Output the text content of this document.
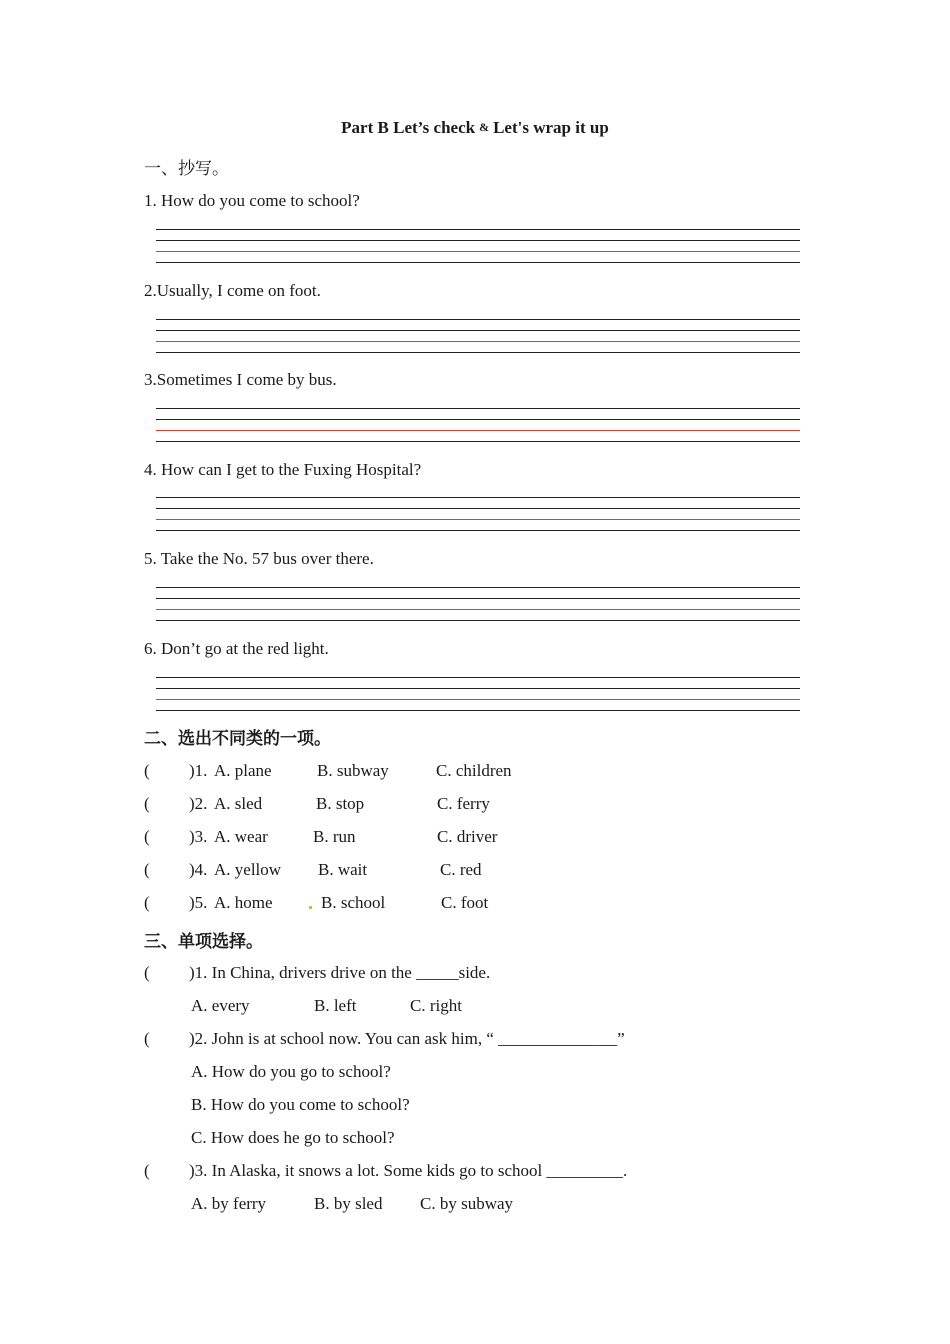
Part B Let’s check & Let's wrap it up
一、抄写。
1. How do you come to school?
2.Usually, I come on foot.
3.Sometimes I come by bus.
4. How can I get to the Fuxing Hospital?
5. Take the No. 57 bus over there.
6. Don’t go at the red light.
二、选出不同类的一项。
( )1. A. plane	B. subway	C. children
( )2. A. sled	B. stop	C. ferry
( )3. A. wear	B. run	C. driver
( )4. A. yellow B. wait	C. red
( )5. A. home	B. school	C. foot
三、单项选择。
( )1. In China, drivers drive on the _____side.
A. every	B. left	C. right
( )2. John is at school now. You can ask him, “ ______________”
A. How do you go to school?
B. How do you come to school?
C. How does he go to school?
( )3. In Alaska, it snows a lot. Some kids go to school _________.
A. by ferry	B. by sled C. by subway
